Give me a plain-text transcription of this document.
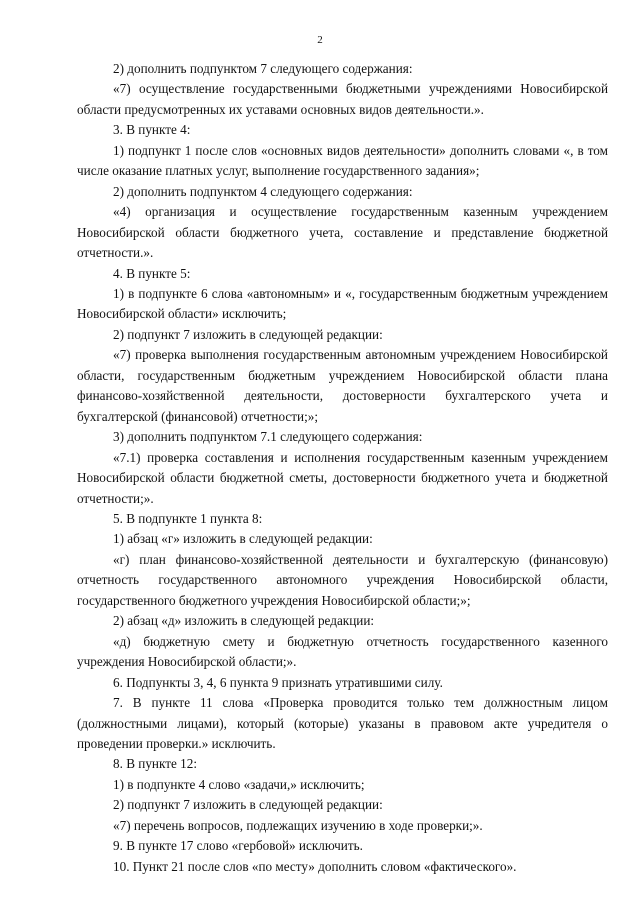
2

2) дополнить подпунктом 7 следующего содержания:

«7) осуществление государственными бюджетными учреждениями Новосибирской области предусмотренных их уставами основных видов деятельности.».

3. В пункте 4:

1) подпункт 1 после слов «основных видов деятельности» дополнить словами «, в том числе оказание платных услуг, выполнение государственного задания»;

2) дополнить подпунктом 4 следующего содержания:

«4) организация и осуществление государственным казенным учреждением Новосибирской области бюджетного учета, составление и представление бюджетной отчетности.».

4. В пункте 5:

1) в подпункте 6 слова «автономным» и «, государственным бюджетным учреждением Новосибирской области» исключить;

2) подпункт 7 изложить в следующей редакции:

«7) проверка выполнения государственным автономным учреждением Новосибирской области, государственным бюджетным учреждением Новосибирской области плана финансово-хозяйственной деятельности, достоверности бухгалтерского учета и бухгалтерской (финансовой) отчетности;»;

3) дополнить подпунктом 7.1 следующего содержания:

«7.1) проверка составления и исполнения государственным казенным учреждением Новосибирской области бюджетной сметы, достоверности бюджетного учета и бюджетной отчетности;».

5. В подпункте 1 пункта 8:

1) абзац «г» изложить в следующей редакции:

«г) план финансово-хозяйственной деятельности и бухгалтерскую (финансовую) отчетность государственного автономного учреждения Новосибирской области, государственного бюджетного учреждения Новосибирской области;»;

2) абзац «д» изложить в следующей редакции:

«д) бюджетную смету и бюджетную отчетность государственного казенного учреждения Новосибирской области;».

6. Подпункты 3, 4, 6 пункта 9 признать утратившими силу.

7. В пункте 11 слова «Проверка проводится только тем должностным лицом (должностными лицами), который (которые) указаны в правовом акте учредителя о проведении проверки.» исключить.

8. В пункте 12:

1) в подпункте 4 слово «задачи,» исключить;

2) подпункт 7 изложить в следующей редакции:

«7) перечень вопросов, подлежащих изучению в ходе проверки;».

9. В пункте 17 слово «гербовой» исключить.

10. Пункт 21 после слов «по месту» дополнить словом «фактического».
